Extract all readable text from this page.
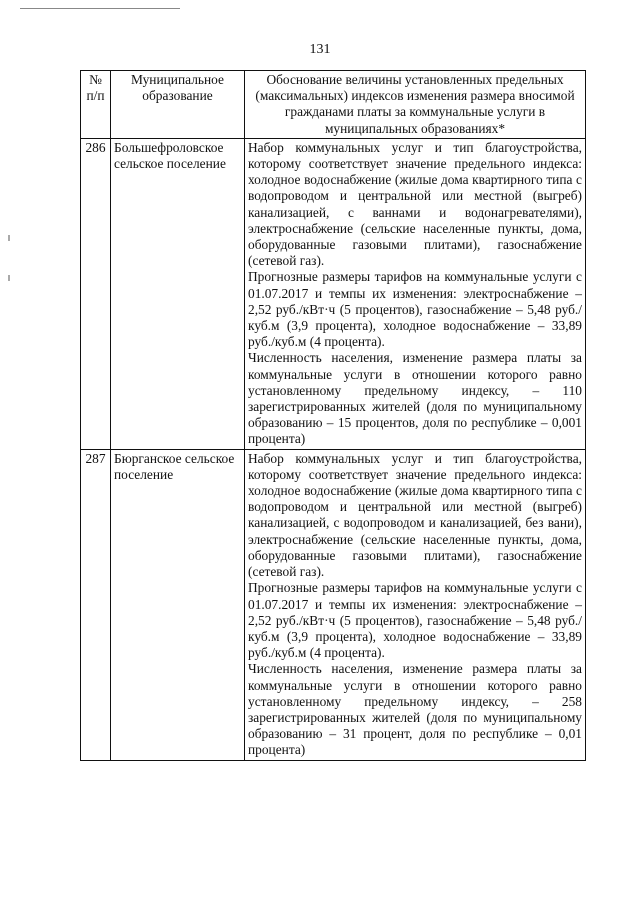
131
№
п/п	Муниципальное образование	Обоснование величины установленных предельных (максимальных) индексов изменения размера вносимой гражданами платы за коммунальные услуги в муниципальных образованиях*

286	Большефроловское сельское поселение	Набор коммунальных услуг и тип благоустройства, которому соответствует значение предельного индекса: холодное водоснабжение (жилые дома квартирного типа с водопроводом и центральной или местной (выгреб) канализацией, с ваннами и водонагревателями), электроснабжение (сельские населенные пункты, дома, оборудованные газовыми плитами), газоснабжение (сетевой газ).

Прогнозные размеры тарифов на коммунальные услуги с 01.07.2017 и темпы их изменения: электроснабжение – 2,52 руб./кВт·ч (5 процентов), газоснабжение – 5,48 руб./куб.м (3,9 процента), холодное водоснабжение – 33,89 руб./куб.м (4 процента).

Численность населения, изменение размера платы за коммунальные услуги в отношении которого равно установленному предельному индексу, – 110 зарегистрированных жителей (доля по муниципальному образованию – 15 процентов, доля по республике – 0,001 процента)

287	Бюрганское сельское поселение	Набор коммунальных услуг и тип благоустройства, которому соответствует значение предельного индекса: холодное водоснабжение (жилые дома квартирного типа с водопроводом и центральной или местной (выгреб) канализацией, с водопроводом и канализацией, без вани), электроснабжение (сельские населенные пункты, дома, оборудованные газовыми плитами), газоснабжение (сетевой газ).

Прогнозные размеры тарифов на коммунальные услуги с 01.07.2017 и темпы их изменения: электроснабжение – 2,52 руб./кВт·ч (5 процентов), газоснабжение – 5,48 руб./куб.м (3,9 процента), холодное водоснабжение – 33,89 руб./куб.м (4 процента).

Численность населения, изменение размера платы за коммунальные услуги в отношении которого равно установленному предельному индексу, – 258 зарегистрированных жителей (доля по муниципальному образованию – 31 процент, доля по республике – 0,01 процента)
